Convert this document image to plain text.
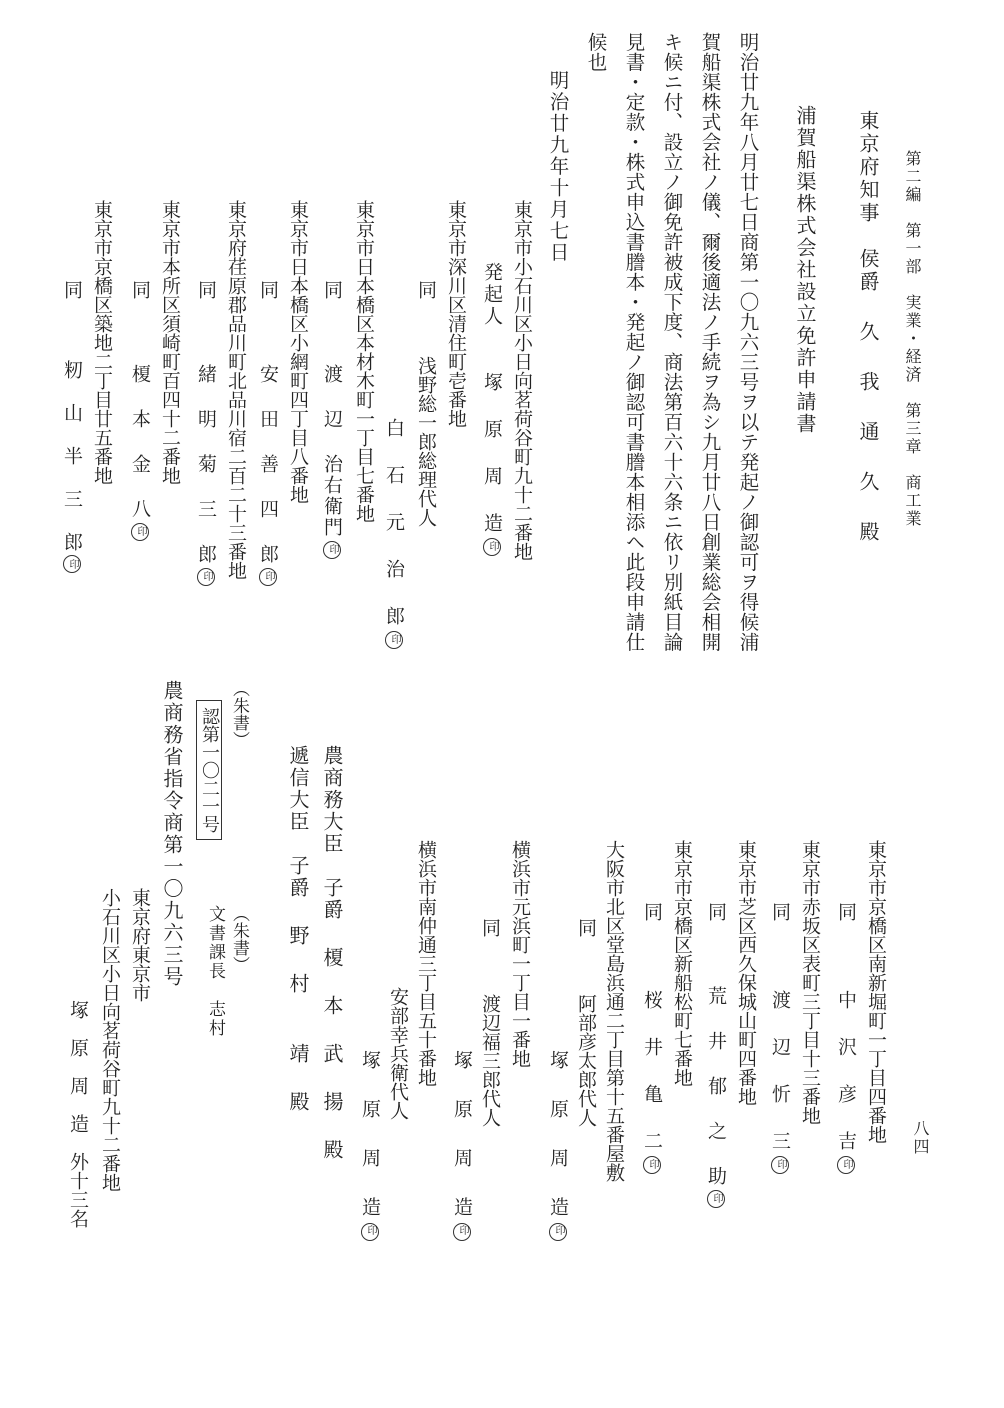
第二編　第一部　実業・経済　第三章　商工業
八四
東京府知事　侯爵 久 我 通 久 殿
浦賀船渠株式会社設立免許申請書
明治廿九年八月廿七日商第一〇九六三号ヲ以テ発起ノ御認可ヲ得候浦
賀船渠株式会社ノ儀、爾後適法ノ手続ヲ為シ九月廿八日創業総会相開
キ候ニ付、設立ノ御免許被成下度、商法第百六十六条ニ依リ別紙目論
見書・定款・株式申込書謄本・発起ノ御認可書謄本相添ヘ此段申請仕
候也
明治廿九年十月七日
東京市小石川区小日向茗荷谷町九十二番地
発起人　　塚 原 周 造印
東京市深川区清住町壱番地
同　　　浅野総一郎総理代人
白 石 元 治 郎印
東京市日本橋区本材木町一丁目七番地
同　　　渡 辺 治右衛門印
東京市日本橋区小網町四丁目八番地
同　　　安 田 善 四 郎印
東京府荏原郡品川町北品川宿二百二十三番地
同　　　緒 明 菊 三 郎印
東京市本所区須崎町百四十二番地
同　　　榎 本 金 八印
東京市京橋区築地二丁目廿五番地
同　　　籾 山 半 三 郎印
東京市京橋区南新堀町一丁目四番地
同　　　中 沢 彦 吉印
東京市赤坂区表町三丁目十三番地
同　　　渡 辺 忻 三印
東京市芝区西久保城山町四番地
同　　　荒 井 郁 之 助印
東京市京橋区新船松町七番地
同　　　桜 井 亀 二印
大阪市北区堂島浜通二丁目第十五番屋敷
同　　　阿部彦太郎代人
塚 原 周 造印
横浜市元浜町一丁目一番地
同　　　渡辺福三郎代人
塚 原 周 造印
横浜市南仲通三丁目五十番地
　安部幸兵衛代人
塚 原 周 造印
農商務大臣　子爵 榎 本 武 揚 殿
遞信大臣　子爵 野 村 　靖 殿
（朱書）
認第一〇二一号
（朱書）
文書課長　志村
農商務省指令商第一〇九六三号
東京府東京市
小石川区小日向茗荷谷町九十二番地
塚　原　周　造　外十三名
